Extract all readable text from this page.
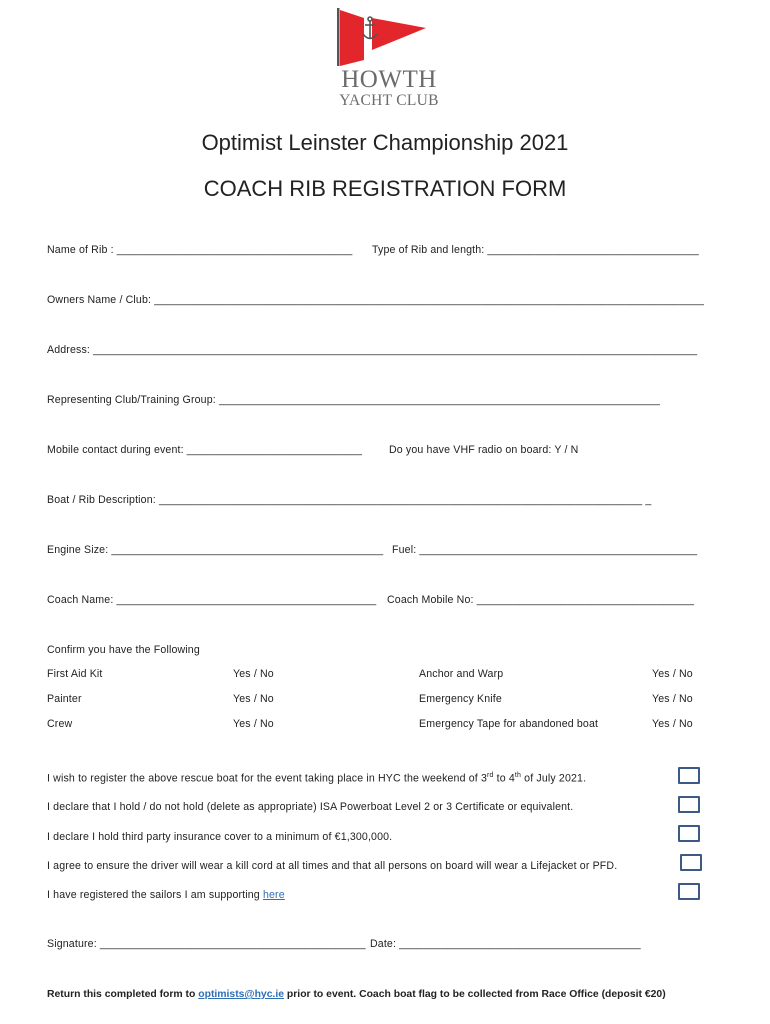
HOWTH
YACHT CLUB
Optimist Leinster Championship 2021
COACH RIB REGISTRATION FORM
Name of Rib : _______________________________________ Type of Rib and length: ___________________________________
Owners Name / Club: ___________________________________________________________________________________________
Address: ____________________________________________________________________________________________________
Representing Club/Training Group: _________________________________________________________________________
Mobile contact during event: _____________________________	Do you have VHF radio on board: Y / N
Boat / Rib Description: ________________________________________________________________________________ _
Engine Size: _____________________________________________ Fuel: ______________________________________________
Coach Name: ___________________________________________ Coach Mobile No: ____________________________________
Confirm you have the Following
First Aid Kit	Yes / No	Anchor and Warp	Yes / No
Painter	Yes / No	Emergency Knife	Yes / No
Crew	Yes / No	Emergency Tape for abandoned boat	Yes / No
I wish to register the above rescue boat for the event taking place in HYC the weekend of 3rd to 4th of July 2021.
I declare that I hold / do not hold (delete as appropriate) ISA Powerboat Level 2 or 3 Certificate or equivalent.
I declare I hold third party insurance cover to a minimum of €1,300,000.
I agree to ensure the driver will wear a kill cord at all times and that all persons on board will wear a Lifejacket or PFD.
I have registered the sailors I am supporting here
Signature: ____________________________________________ Date: ________________________________________
Return this completed form to optimists@hyc.ie prior to event. Coach boat flag to be collected from Race Office (deposit €20)
